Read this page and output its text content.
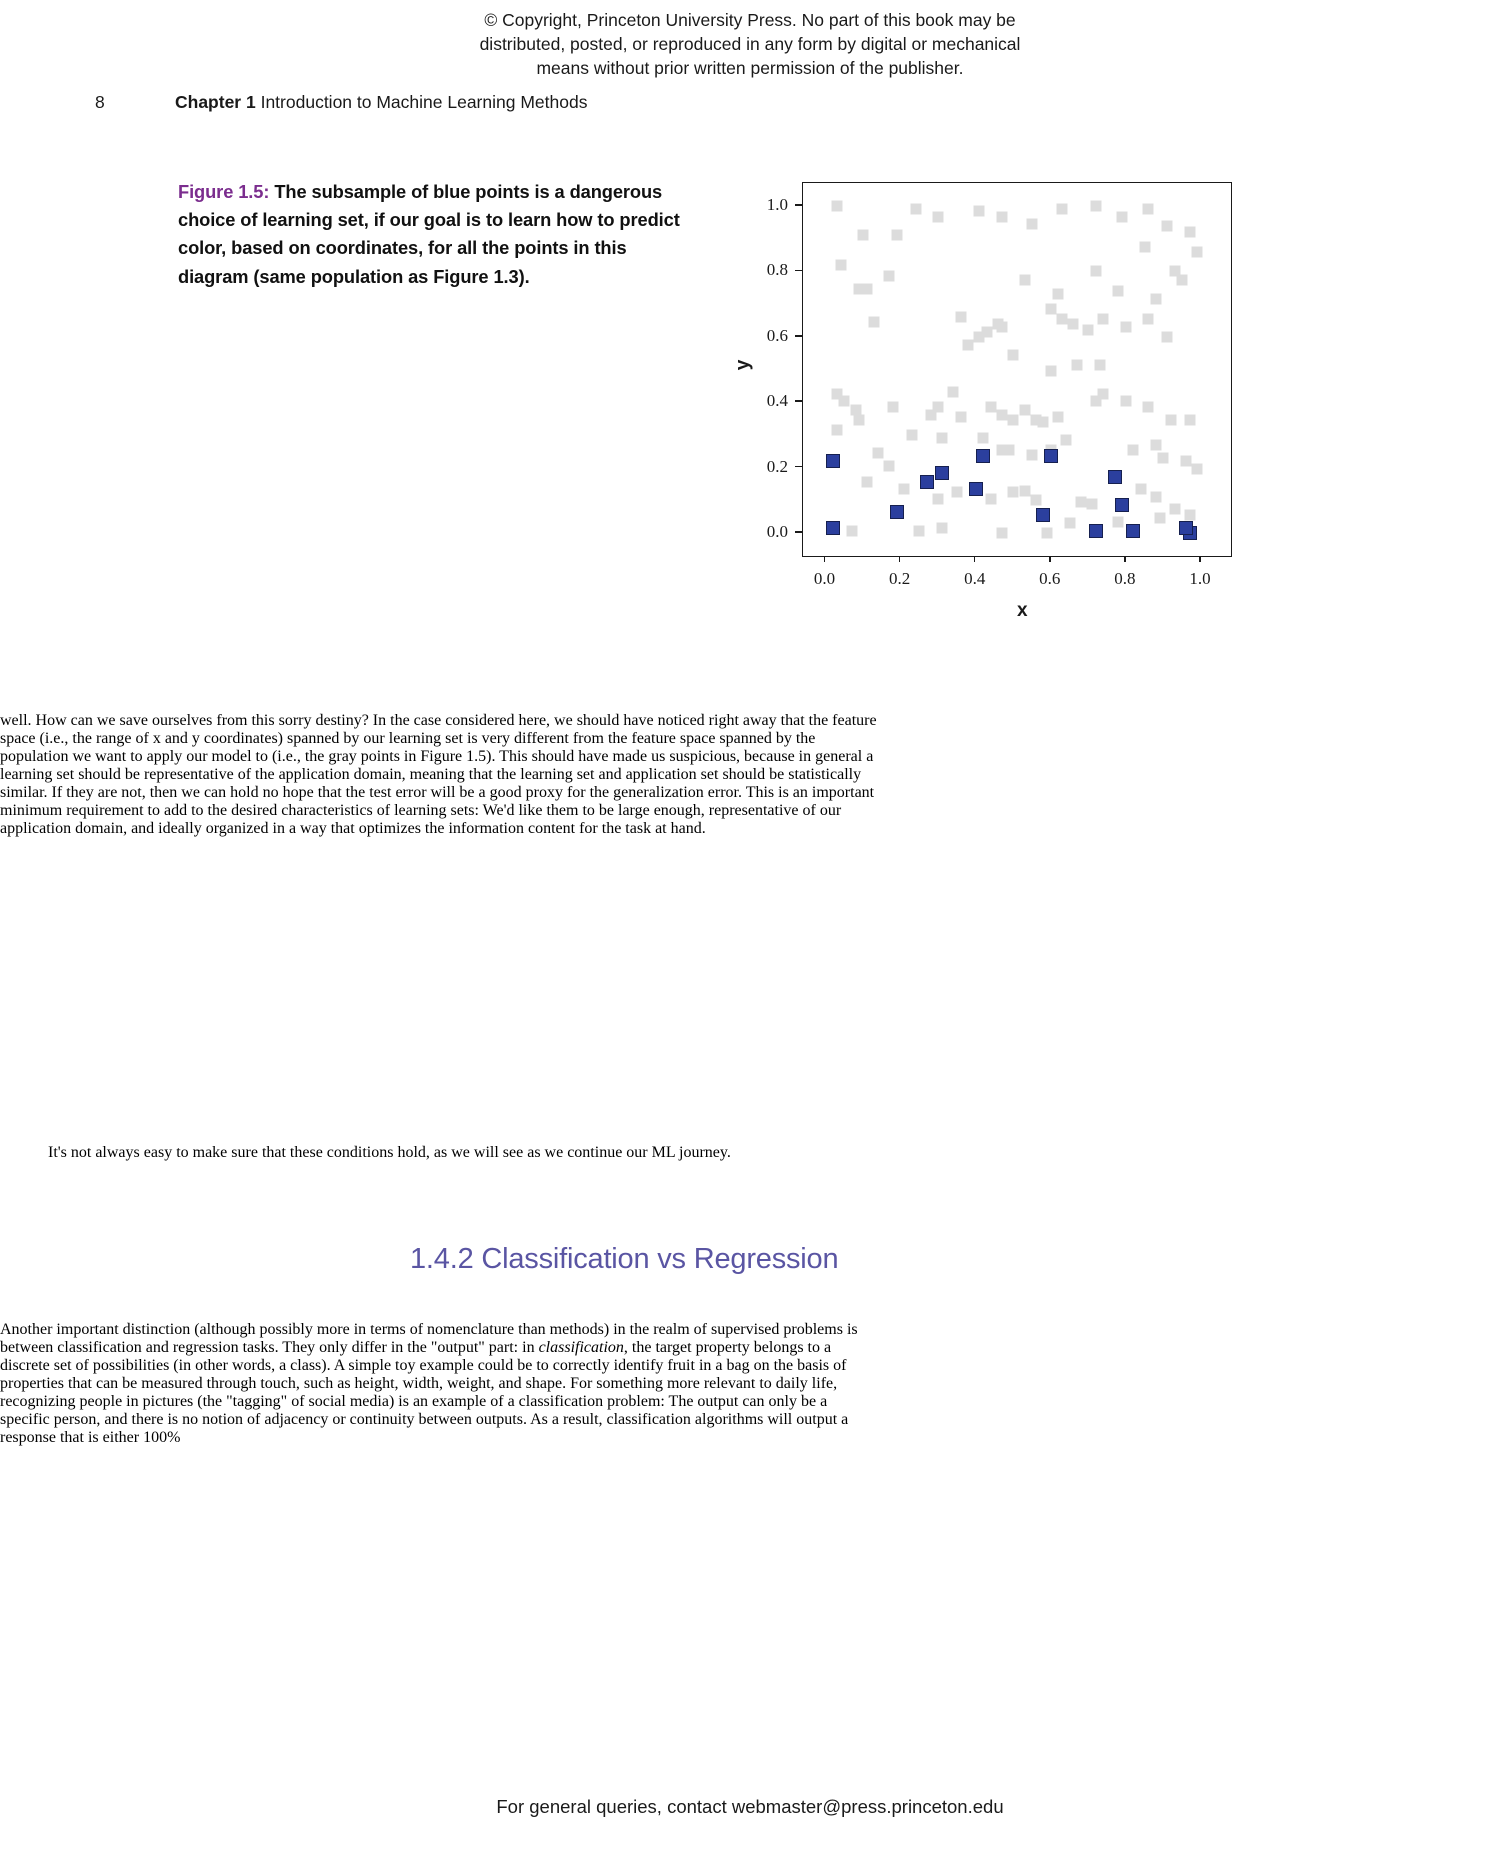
© Copyright, Princeton University Press. No part of this book may be
distributed, posted, or reproduced in any form by digital or mechanical
means without prior written permission of the publisher.
8	Chapter 1 Introduction to Machine Learning Methods
Figure 1.5: The subsample of blue points is a dangerous choice of learning set, if our goal is to learn how to predict color, based on coordinates, for all the points in this diagram (same population as Figure 1.3).
y
0.0
0.2
0.4
0.6
0.8
1.0
0.0	0.2	0.4	0.6	0.8	1.0
x

well. How can we save ourselves from this sorry destiny? In the case considered here, we should have noticed right away that the feature space (i.e., the range of x and y coordinates) spanned by our learning set is very different from the feature space spanned by the population we want to apply our model to (i.e., the gray points in Figure 1.5). This should have made us suspicious, because in general a learning set should be representative of the application domain, meaning that the learning set and application set should be statistically similar. If they are not, then we can hold no hope that the test error will be a good proxy for the generalization error. This is an important minimum requirement to add to the desired characteristics of learning sets: We'd like them to be large enough, representative of our application domain, and ideally organized in a way that optimizes the information content for the task at hand.

It's not always easy to make sure that these conditions hold, as we will see as we continue our ML journey.

1.4.2 Classification vs Regression

Another important distinction (although possibly more in terms of nomenclature than methods) in the realm of supervised problems is between classification and regression tasks. They only differ in the "output" part: in classification, the target property belongs to a discrete set of possibilities (in other words, a class). A simple toy example could be to correctly identify fruit in a bag on the basis of properties that can be measured through touch, such as height, width, weight, and shape. For something more relevant to daily life, recognizing people in pictures (the "tagging" of social media) is an example of a classification problem: The output can only be a specific person, and there is no notion of adjacency or continuity between outputs. As a result, classification algorithms will output a response that is either 100%

For general queries, contact webmaster@press.princeton.edu
